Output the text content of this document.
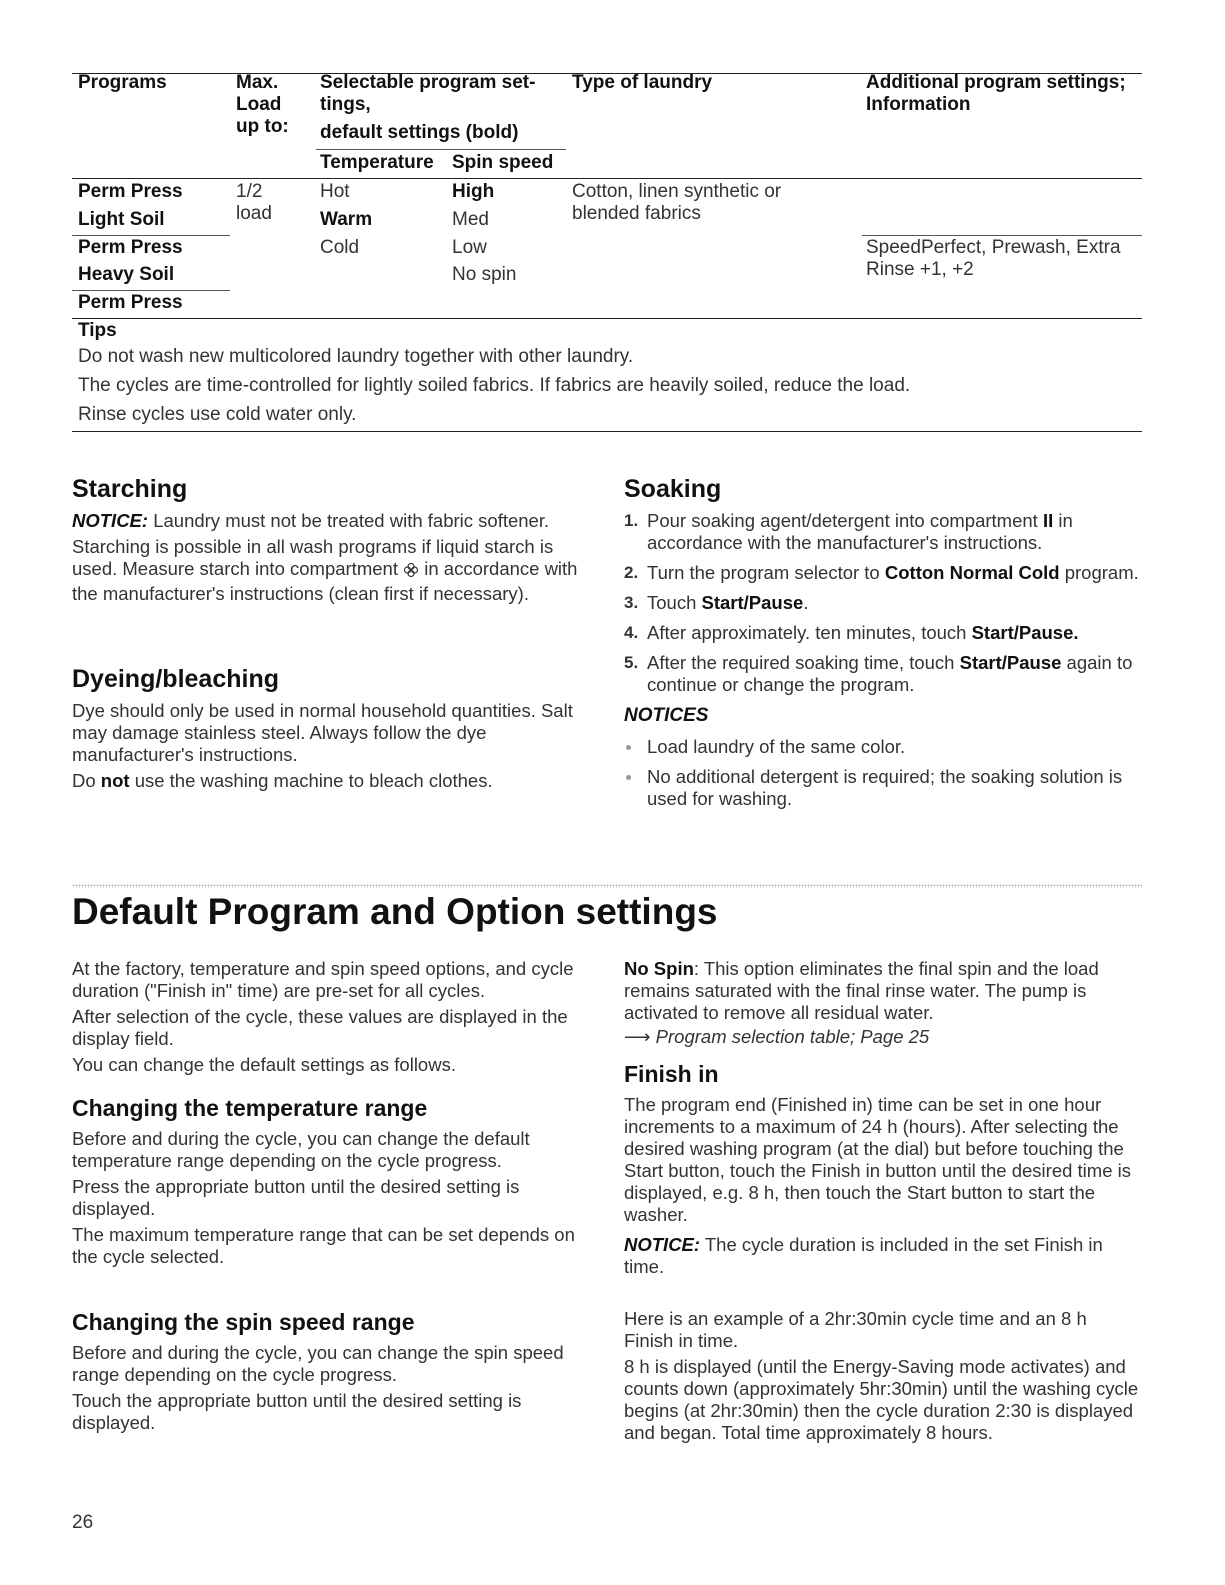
Programs	Max.
Load
up to:
Selectable program set-
tings,
default settings (bold)
Temperature Spin speed
Type of laundry	Additional program settings;
Information
Perm Press
Light Soil
Perm Press
Heavy Soil
Perm Press
1/2
load
Hot
Warm
Cold
High
Med
Low
No spin
Cotton, linen synthetic or
blended fabrics
SpeedPerfect, Prewash, Extra
Rinse +1, +2
Tips
Do not wash new multicolored laundry together with other laundry.
The cycles are time-controlled for lightly soiled fabrics. If fabrics are heavily soiled, reduce the load.
Rinse cycles use cold water only.
Starching

NOTICE: Laundry must not be treated with fabric softener.

Starching is possible in all wash programs if liquid starch is used. Measure starch into compartment  in accordance with the manufacturer's instructions (clean first if necessary).

Dyeing/bleaching

Dye should only be used in normal household quantities. Salt may damage stainless steel. Always follow the dye manufacturer's instructions.

Do not use the washing machine to bleach clothes.

Soaking

1. Pour soaking agent/detergent into compartment II in accordance with the manufacturer's instructions.

2. Turn the program selector to Cotton Normal Cold program.

3. Touch Start/Pause.

4. After approximately. ten minutes, touch Start/Pause.

5. After the required soaking time, touch Start/Pause again to continue or change the program.

NOTICES

Load laundry of the same color.

No additional detergent is required; the soaking solution is used for washing.

Default Program and Option settings

At the factory, temperature and spin speed options, and cycle duration ("Finish in" time) are pre-set for all cycles.

After selection of the cycle, these values are displayed in the display field.

You can change the default settings as follows.

Changing the temperature range

Before and during the cycle, you can change the default temperature range depending on the cycle progress.

Press the appropriate button until the desired setting is displayed.

The maximum temperature range that can be set depends on the cycle selected.

Changing the spin speed range

Before and during the cycle, you can change the spin speed range depending on the cycle progress.

Touch the appropriate button until the desired setting is displayed.

No Spin: This option eliminates the final spin and the load remains saturated with the final rinse water. The pump is activated to remove all residual water.

⟶ Program selection table; Page 25

Finish in

The program end (Finished in) time can be set in one hour increments to a maximum of 24 h (hours). After selecting the desired washing program (at the dial) but before touching the Start button, touch the Finish in button until the desired time is displayed, e.g. 8 h, then touch the Start button to start the washer.

NOTICE: The cycle duration is included in the set Finish in time.

Here is an example of a 2hr:30min cycle time and an 8 h Finish in time.

8 h is displayed (until the Energy-Saving mode activates) and counts down (approximately 5hr:30min) until the washing cycle begins (at 2hr:30min) then the cycle duration 2:30 is displayed and began. Total time approximately 8 hours.

26
